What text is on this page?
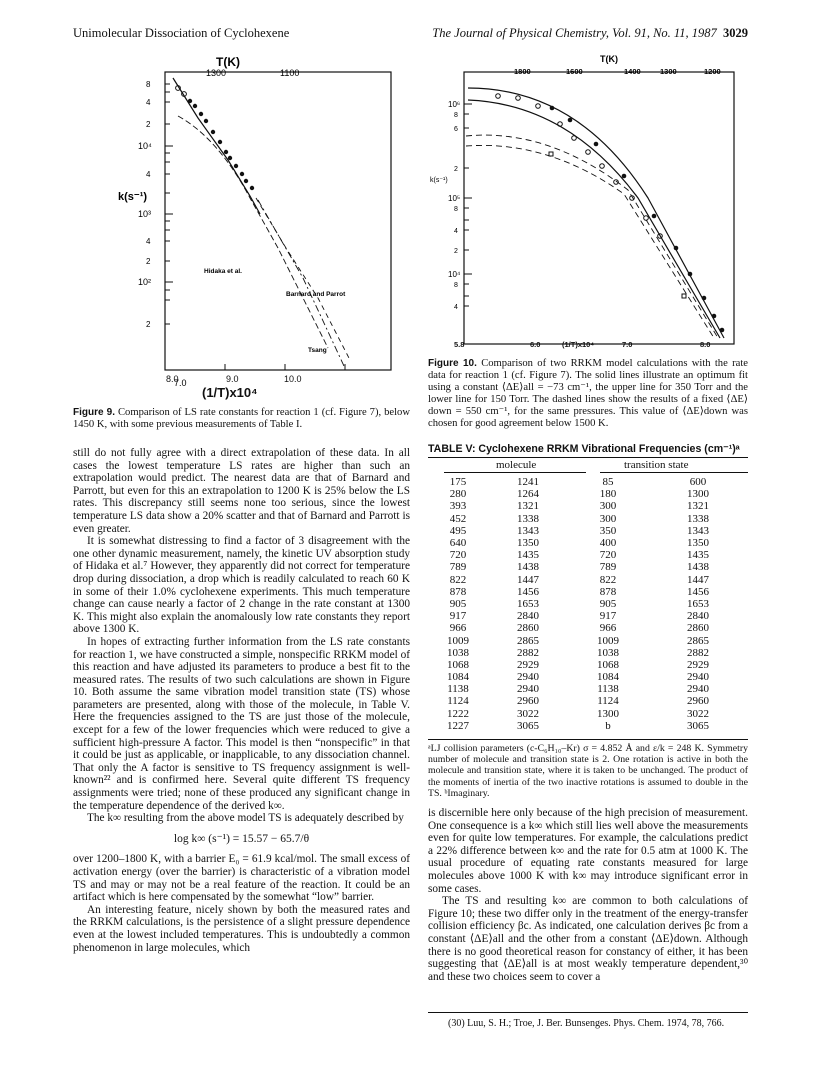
Unimolecular Dissociation of Cyclohexene	The Journal of Physical Chemistry, Vol. 91, No. 11, 1987 3029
T(K)
1300	1100
8
4
2
10⁴
4
k(s⁻¹)
10³
4
2
10²
2
Hidaka et al.
Barnard and Parrot
Tsang
7.0
8.0	9.0	10.0
(1/T)x10⁴
Figure 9. Comparison of LS rate constants for reaction 1 (cf. Figure 7), below 1450 K, with some previous measurements of Table I.

still do not fully agree with a direct extrapolation of these data. In all cases the lowest temperature LS rates are higher than such an extrapolation would predict. The nearest data are that of Barnard and Parrott, but even for this an extrapolation to 1200 K is 25% below the LS rates. This discrepancy still seems none too serious, since the lowest temperature LS data show a 20% scatter and that of Barnard and Parrott is even greater.

It is somewhat distressing to find a factor of 3 disagreement with the one other dynamic measurement, namely, the kinetic UV absorption study of Hidaka et al.⁷ However, they apparently did not correct for temperature drop during dissociation, a drop which is readily calculated to reach 60 K in some of their 1.0% cyclohexene experiments. This much temperature change can cause nearly a factor of 2 change in the rate constant at 1300 K. This might also explain the anomalously low rate constants they report above 1300 K.

In hopes of extracting further information from the LS rate constants for reaction 1, we have constructed a simple, nonspecific RRKM model of this reaction and have adjusted its parameters to produce a best fit to the measured rates. The results of two such calculations are shown in Figure 10. Both assume the same vibration model transition state (TS) whose parameters are presented, along with those of the molecule, in Table V. Here the frequencies assigned to the TS are just those of the molecule, except for a few of the lower frequencies which were reduced to give a sufficient high-pressure A factor. This model is then “nonspecific” in that it could be just as applicable, or inapplicable, to any dissociation channel. That only the A factor is sensitive to TS frequency assignment is well-known²² and is confirmed here. Several quite different TS frequency assignments were tried; none of these produced any significant change in the temperature dependence of the derived k∞.

The k∞ resulting from the above model TS is adequately described by

log k∞ (s⁻¹) = 15.57 − 65.7/θ

over 1200–1800 K, with a barrier E₀ = 61.9 kcal/mol. The small excess of activation energy (over the barrier) is characteristic of a vibration model TS and may or may not be a real feature of the reaction. It could be an artifact which is here compensated by the somewhat “low” barrier.

An interesting feature, nicely shown by both the measured rates and the RRKM calculations, is the persistence of a slight pressure dependence even at the lowest included temperatures. This is undoubtedly a common phenomenon in large molecules, which

T(K)
1800	1600	1400	1300	1200
10⁶
8
6
2
k(s⁻¹)
10⁵
8
4
2
10⁴
8
4
5.8	6.0	(1/T)x10⁴	7.0	8.0
Figure 10. Comparison of two RRKM model calculations with the rate data for reaction 1 (cf. Figure 7). The solid lines illustrate an optimum fit using a constant ⟨ΔE⟩all = −73 cm⁻¹, the upper line for 350 Torr and the lower line for 150 Torr. The dashed lines show the results of a fixed ⟨ΔE⟩down = 550 cm⁻¹, for the same pressures. This value of ⟨ΔE⟩down was chosen for good agreement below 1500 K.
TABLE V: Cyclohexene RRKM Vibrational Frequencies (cm⁻¹)ᵃ
molecule	transition state
175	1241	85	600
280	1264	180	1300
393	1321	300	1321
452	1338	300	1338
495	1343	350	1343
640	1350	400	1350
720	1435	720	1435
789	1438	789	1438
822	1447	822	1447
878	1456	878	1456
905	1653	905	1653
917	2840	917	2840
966	2860	966	2860
1009	2865	1009	2865
1038	2882	1038	2882
1068	2929	1068	2929
1084	2940	1084	2940
1138	2940	1138	2940
1124	2960	1124	2960
1222	3022	1300	3022
1227	3065	b	3065
ᵃLJ collision parameters (c-C₆H₁₀–Kr) σ = 4.852 Å and ε/k = 248 K. Symmetry number of molecule and transition state is 2. One rotation is active in both the molecule and transition state, where it is taken to be unchanged. The product of the moments of inertia of the two inactive rotations is assumed to double in the TS. ᵇImaginary.

is discernible here only because of the high precision of measurement. One consequence is a k∞ which still lies well above the measurements even for quite low temperatures. For example, the calculations predict a 22% difference between k∞ and the rate for 0.5 atm at 1000 K. The usual procedure of equating rate constants measured for large molecules above 1000 K with k∞ may introduce significant error in some cases.

The TS and resulting k∞ are common to both calculations of Figure 10; these two differ only in the treatment of the energy-transfer collision efficiency βc. As indicated, one calculation derives βc from a constant ⟨ΔE⟩all and the other from a constant ⟨ΔE⟩down. Although there is no good theoretical reason for constancy of either, it has been suggesting that ⟨ΔE⟩all is at most weakly temperature dependent,³⁰ and these two choices seem to cover a

(30) Luu, S. H.; Troe, J. Ber. Bunsenges. Phys. Chem. 1974, 78, 766.
